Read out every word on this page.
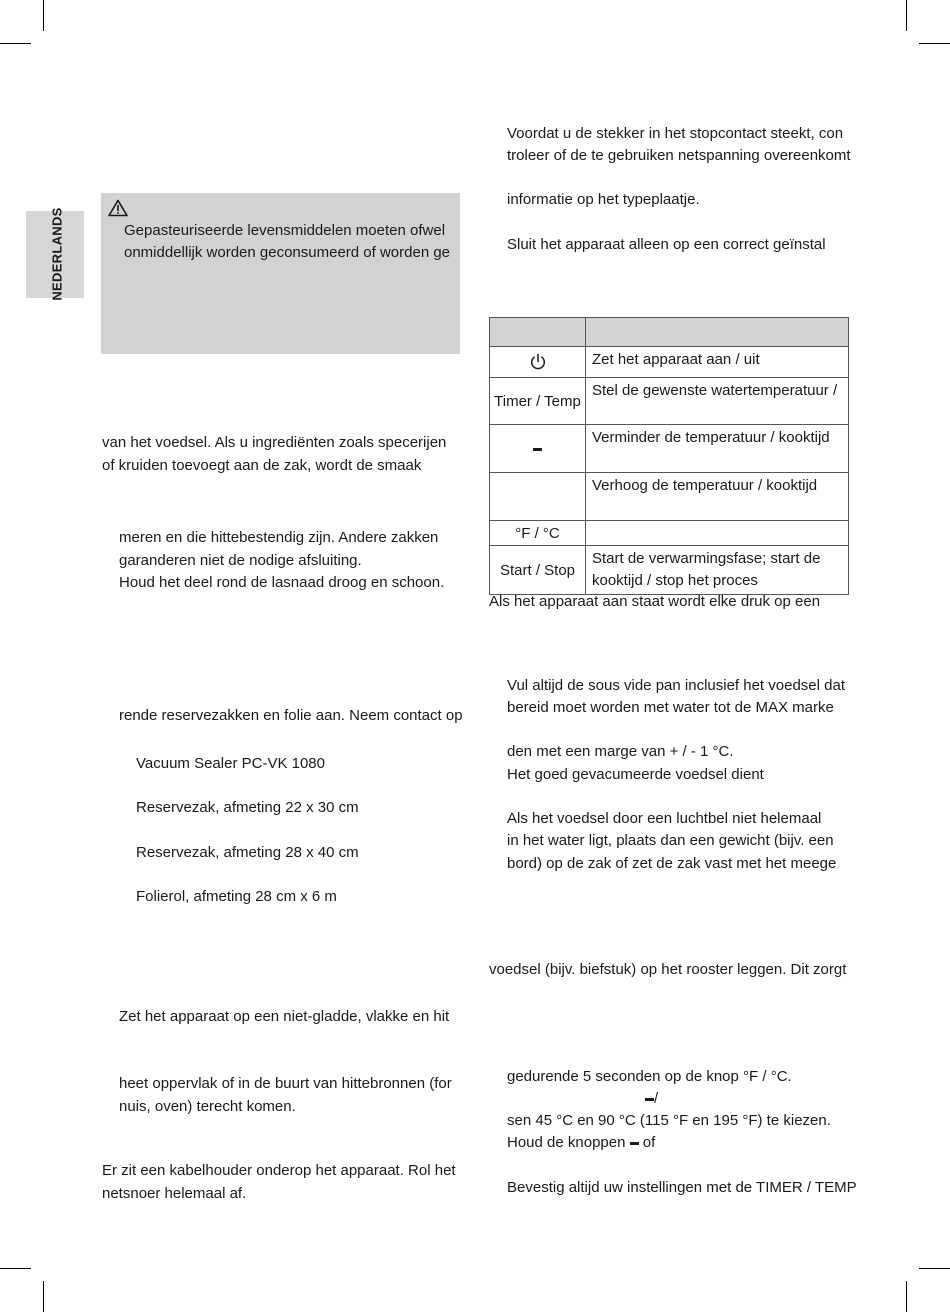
NEDERLANDS	Gepasteuriseerde levensmiddelen moeten ofwel
onmiddellijk worden geconsumeerd of worden ge
van het voedsel. Als u ingrediënten zoals specerijen
of kruiden toevoegt aan de zak, wordt de smaak
meren en die hittebestendig zijn. Andere zakken
garanderen niet de nodige afsluiting.
Houd het deel rond de lasnaad droog en schoon.
rende reservezakken en folie aan. Neem contact op
Vacuum Sealer PC-VK 1080
Reservezak, afmeting 22 x 30 cm
Reservezak, afmeting 28 x 40 cm
Folierol, afmeting 28 cm x 6 m
Zet het apparaat op een niet-gladde, vlakke en hit
heet oppervlak of in de buurt van hittebronnen (for
nuis, oven) terecht komen.
Er zit een kabelhouder onderop het apparaat. Rol het
netsnoer helemaal af.
Voordat u de stekker in het stopcontact steekt, con
troleer of de te gebruiken netspanning overeenkomt
informatie op het typeplaatje.
Sluit het apparaat alleen op een correct geïnstal

	Zet het apparaat aan / uit
Timer / Temp	Stel de gewenste watertemperatuur /
	Verminder de temperatuur / kooktijd
	Verhoog de temperatuur / kooktijd
°F / °C	
Start / Stop	Start de verwarmingsfase; start de
kooktijd / stop het proces
Als het apparaat aan staat wordt elke druk op een
Vul altijd de sous vide pan inclusief het voedsel dat
bereid moet worden met water tot de MAX marke
den met een marge van + / - 1 °C.
Het goed gevacumeerde voedsel dient
Als het voedsel door een luchtbel niet helemaal
in het water ligt, plaats dan een gewicht (bijv. een
bord) op de zak of zet de zak vast met het meege
voedsel (bijv. biefstuk) op het rooster leggen. Dit zorgt
gedurende 5 seconden op de knop °F / °C.
/
sen 45 °C en 90 °C (115 °F en 195 °F) te kiezen.
Houd de knoppen of
Bevestig altijd uw instellingen met de TIMER / TEMP
